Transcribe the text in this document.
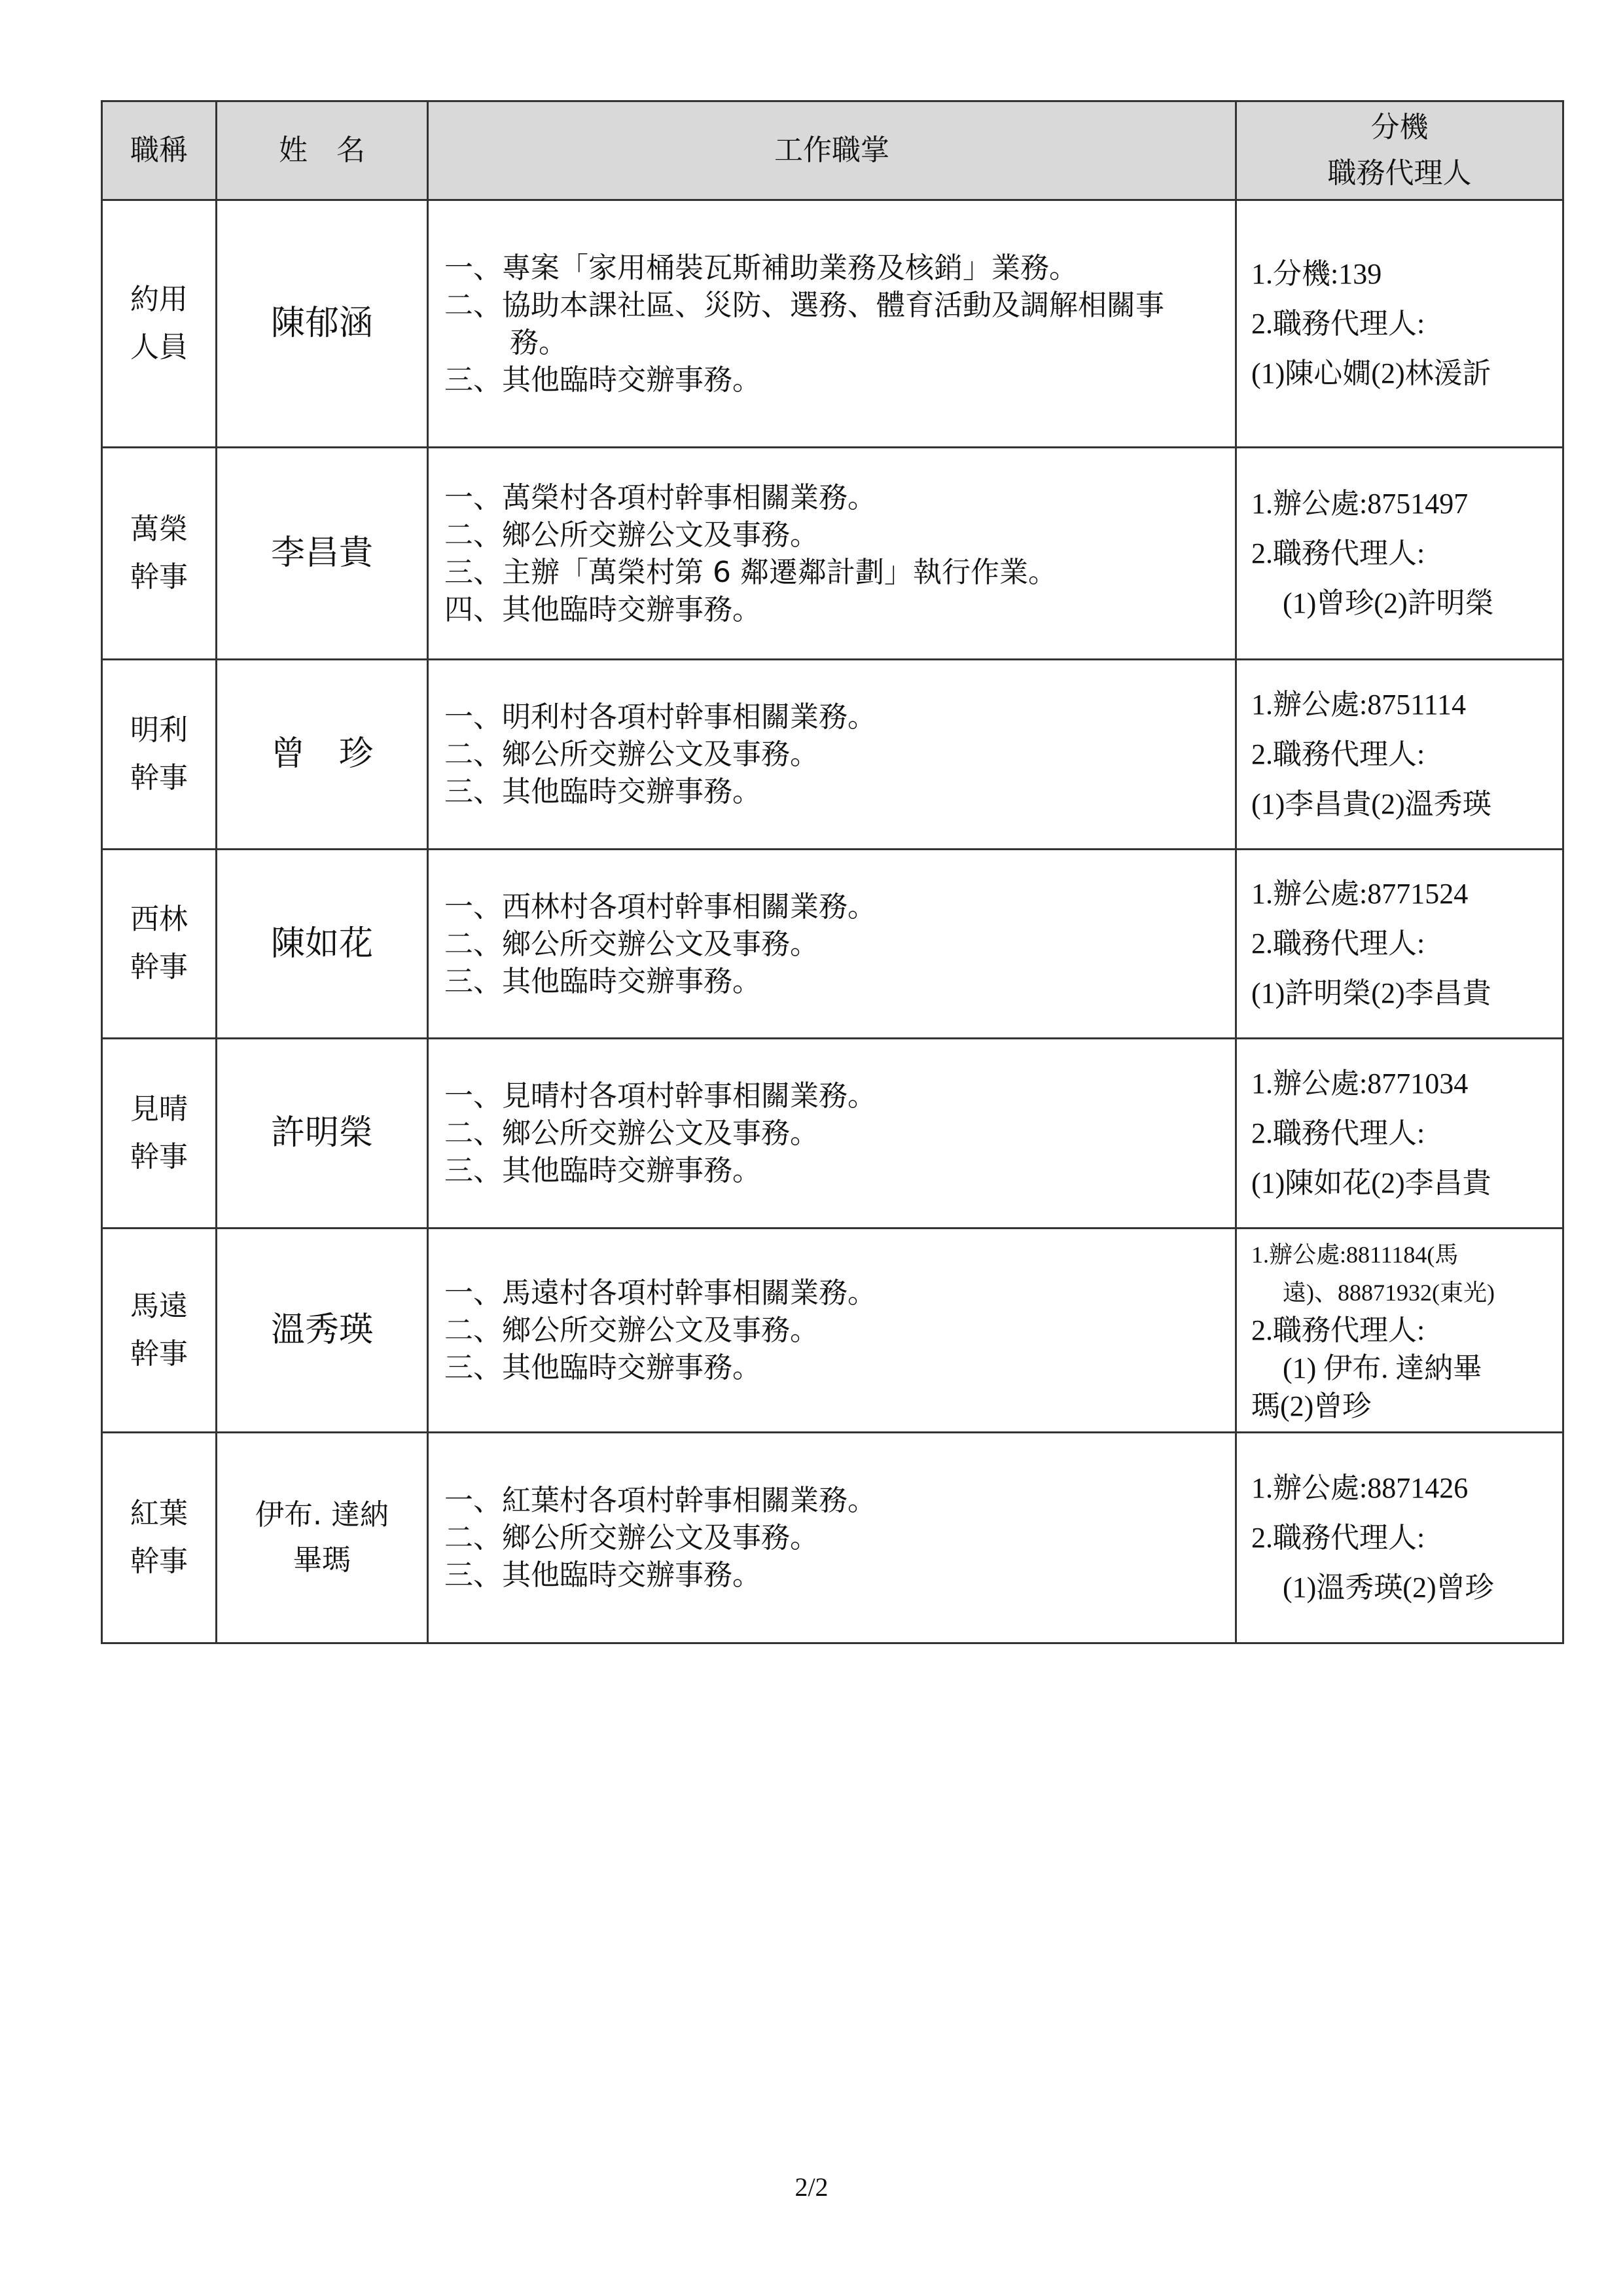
職稱	姓　名	工作職掌	分機
職務代理人

約用
人員	陳郁涵	一、專案「家用桶裝瓦斯補助業務及核銷」業務。
二、協助本課社區、災防、選務、體育活動及調解相關事
務。
三、其他臨時交辦事務。	1.分機:139
2.職務代理人:
(1)陳心嫺(2)林湲訢

萬榮
幹事	李昌貴	一、萬榮村各項村幹事相關業務。
二、鄉公所交辦公文及事務。
三、主辦「萬榮村第 6 鄰遷鄰計劃」執行作業。
四、其他臨時交辦事務。	1.辦公處:8751497
2.職務代理人:
(1)曾珍(2)許明榮

明利
幹事	曾　珍	一、明利村各項村幹事相關業務。
二、鄉公所交辦公文及事務。
三、其他臨時交辦事務。	1.辦公處:8751114
2.職務代理人:
(1)李昌貴(2)溫秀瑛

西林
幹事	陳如花	一、西林村各項村幹事相關業務。
二、鄉公所交辦公文及事務。
三、其他臨時交辦事務。	1.辦公處:8771524
2.職務代理人:
(1)許明榮(2)李昌貴

見晴
幹事	許明榮	一、見晴村各項村幹事相關業務。
二、鄉公所交辦公文及事務。
三、其他臨時交辦事務。	1.辦公處:8771034
2.職務代理人:
(1)陳如花(2)李昌貴

馬遠
幹事	溫秀瑛	一、馬遠村各項村幹事相關業務。
二、鄉公所交辦公文及事務。
三、其他臨時交辦事務。	1.辦公處:8811184(馬
遠)、88871932(東光)
2.職務代理人:
(1) 伊布. 達納畢
瑪(2)曾珍

紅葉
幹事	伊布. 達納
畢瑪	一、紅葉村各項村幹事相關業務。
二、鄉公所交辦公文及事務。
三、其他臨時交辦事務。	1.辦公處:8871426
2.職務代理人:
(1)溫秀瑛(2)曾珍
2/2
